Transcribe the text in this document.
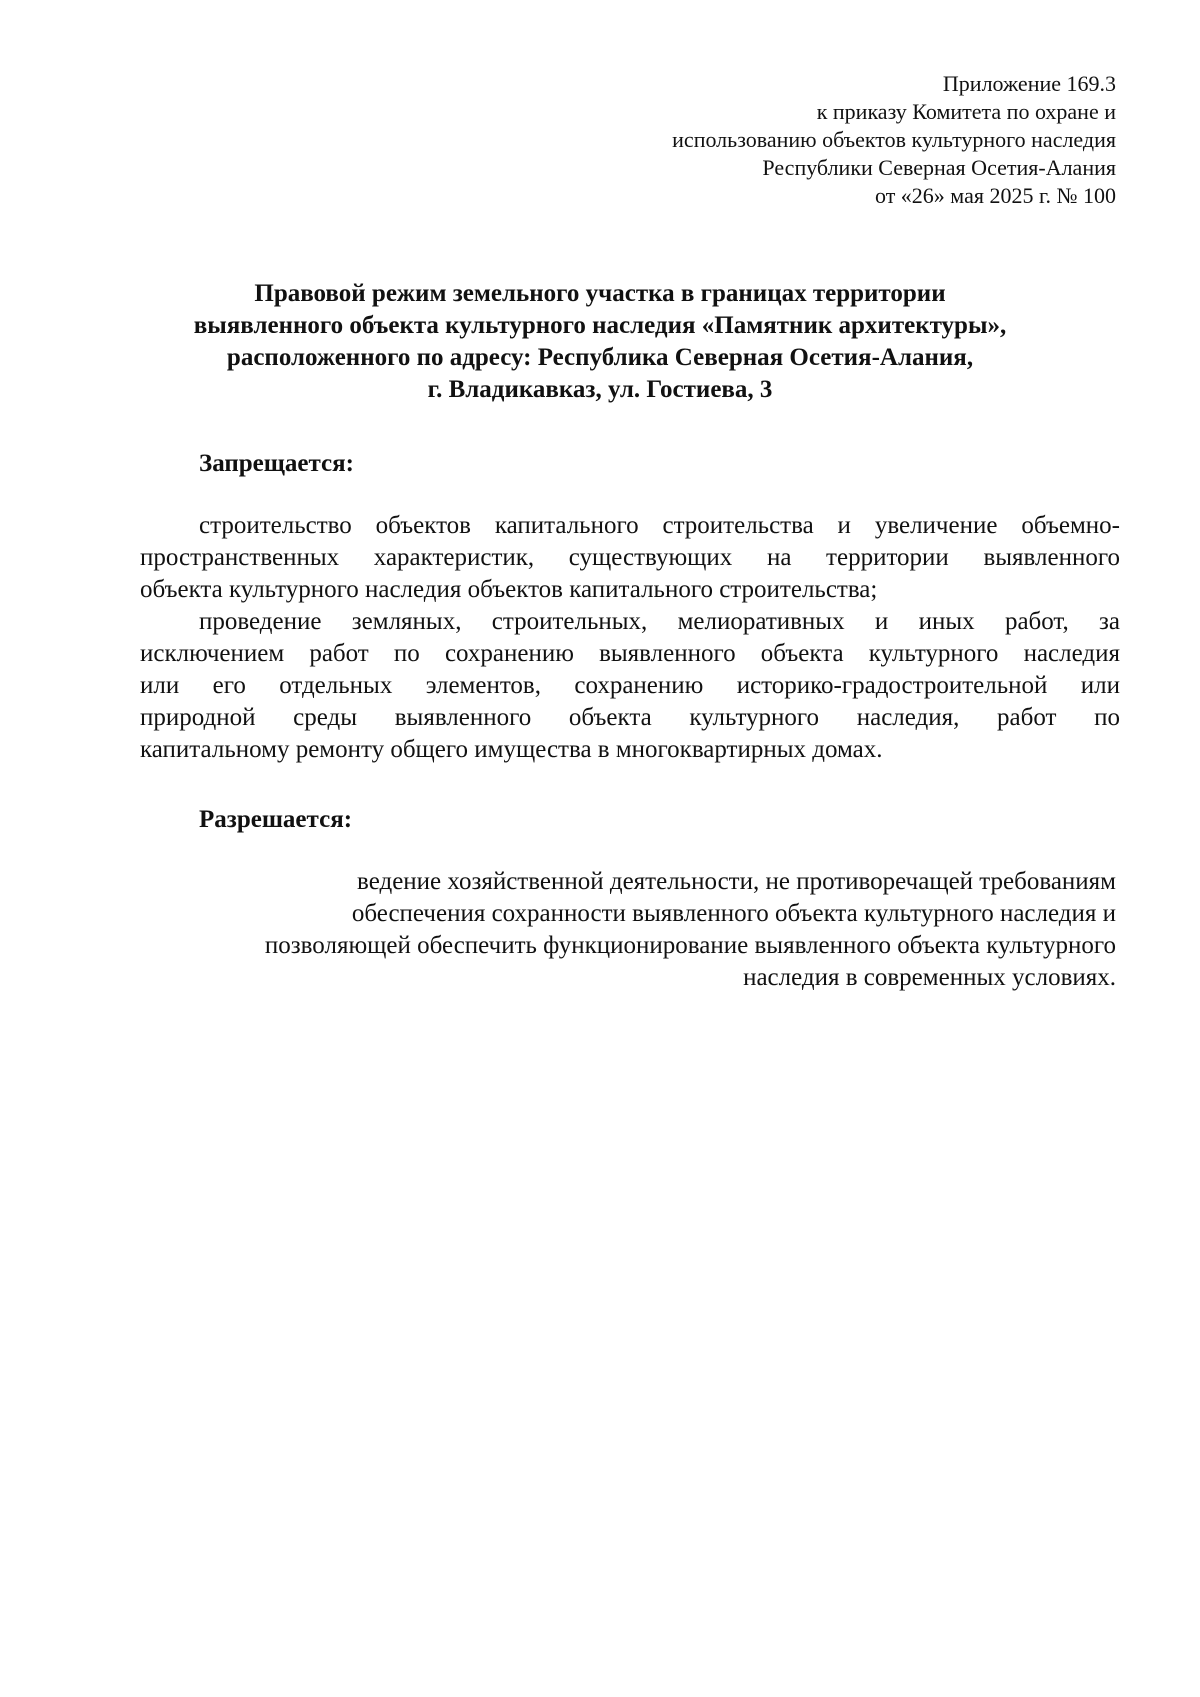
Приложение 169.3
к приказу Комитета по охране и
использованию объектов культурного наследия
Республики Северная Осетия-Алания
от «26» мая 2025 г. № 100
Правовой режим земельного участка в границах территории
выявленного объекта культурного наследия «Памятник архитектуры»,
расположенного по адресу: Республика Северная Осетия-Алания,
г. Владикавказ, ул. Гостиева, 3
Запрещается:
строительство объектов капитального строительства и увеличение объемно-
пространственных характеристик, существующих на территории выявленного
объекта культурного наследия объектов капитального строительства;
проведение земляных, строительных, мелиоративных и иных работ, за
исключением работ по сохранению выявленного объекта культурного наследия
или его отдельных элементов, сохранению историко-градостроительной или
природной среды выявленного объекта культурного наследия, работ по
капитальному ремонту общего имущества в многоквартирных домах.
Разрешается:
ведение хозяйственной деятельности, не противоречащей требованиям
обеспечения сохранности выявленного объекта культурного наследия и
позволяющей обеспечить функционирование выявленного объекта культурного
наследия в современных условиях.
